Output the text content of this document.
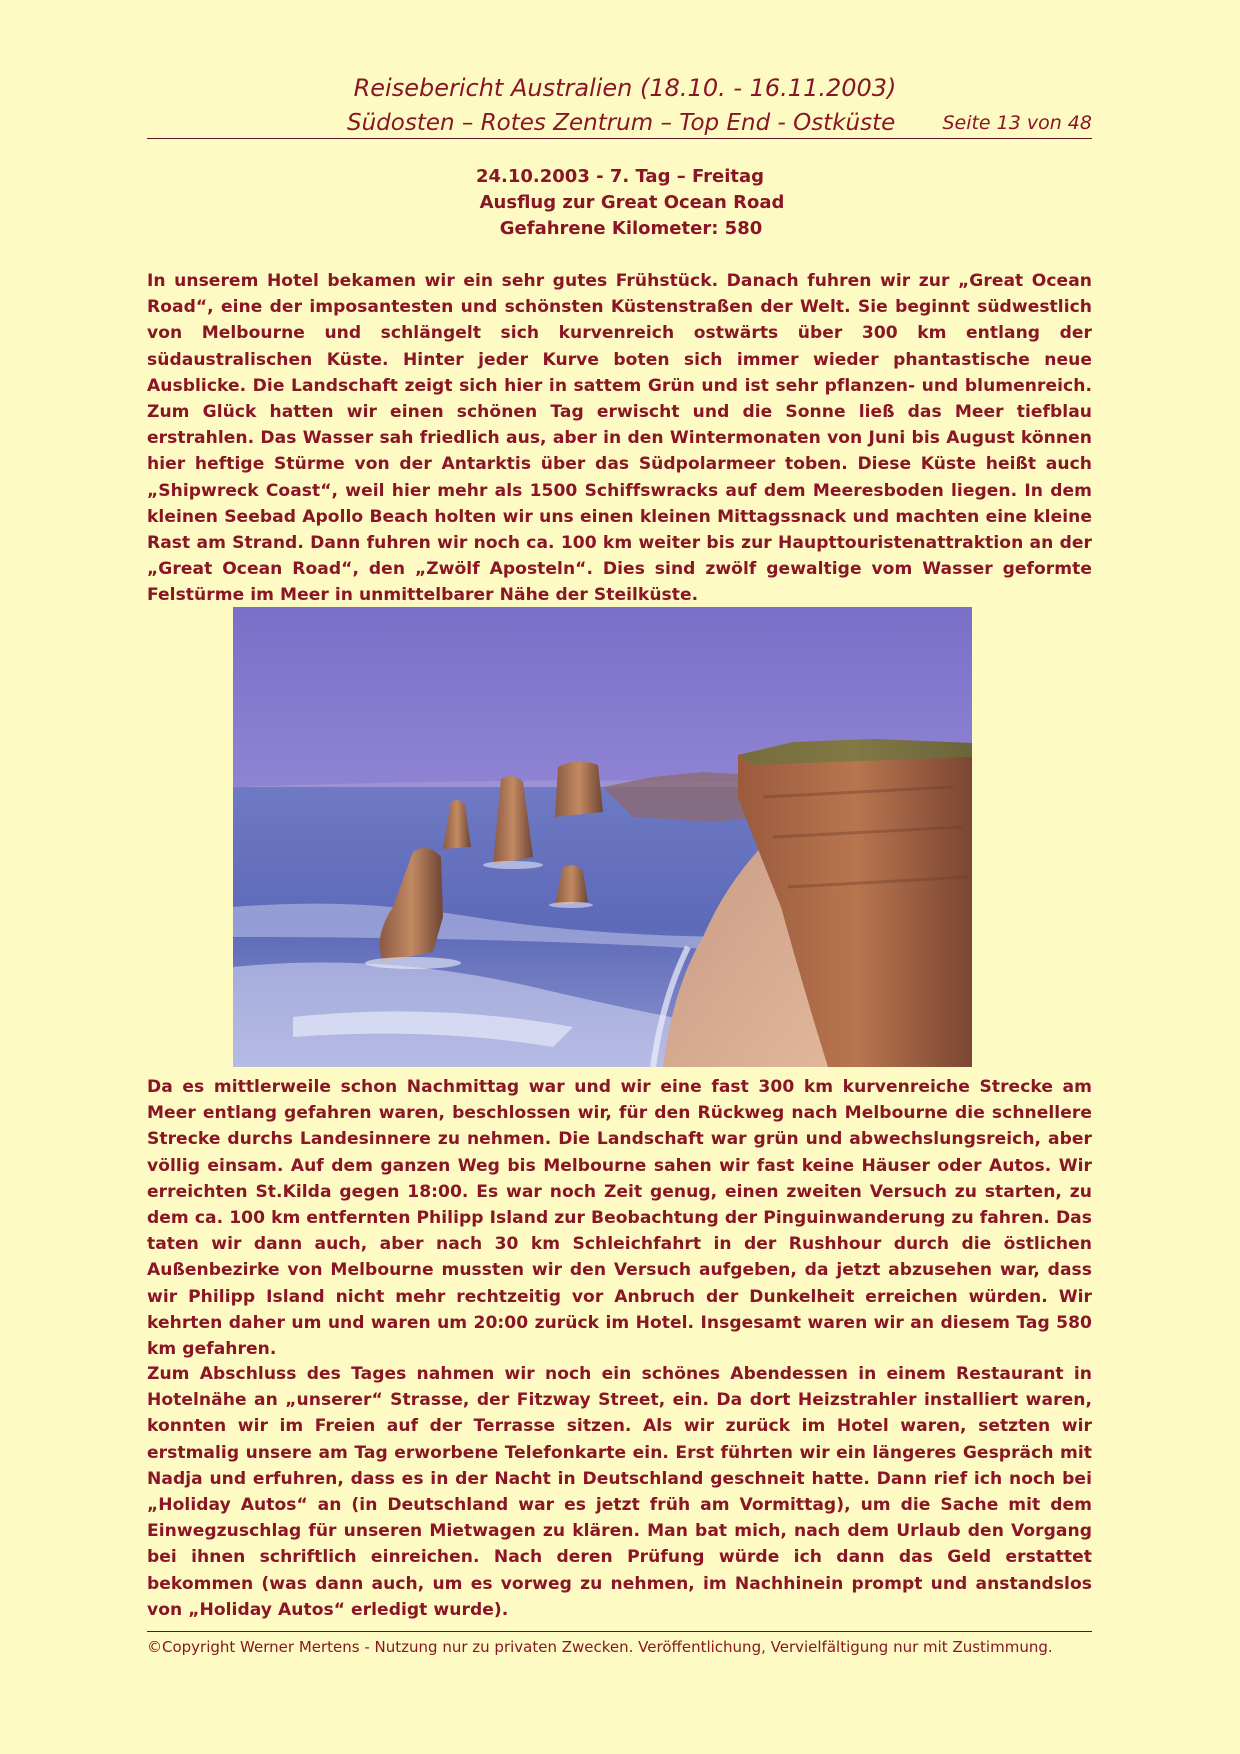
Reisebericht Australien (18.10. - 16.11.2003)
Südosten – Rotes Zentrum – Top End - Ostküste Seite 13 von 48
24.10.2003 - 7. Tag – Freitag
Ausflug zur Great Ocean Road
Gefahrene Kilometer: 580

In unserem Hotel bekamen wir ein sehr gutes Frühstück. Danach fuhren wir zur „Great Ocean Road“, eine der imposantesten und schönsten Küstenstraßen der Welt. Sie beginnt südwestlich von Melbourne und schlängelt sich kurvenreich ostwärts über 300 km entlang der südaustralischen Küste. Hinter jeder Kurve boten sich immer wieder phantastische neue Ausblicke. Die Landschaft zeigt sich hier in sattem Grün und ist sehr pflanzen- und blumenreich. Zum Glück hatten wir einen schönen Tag erwischt und die Sonne ließ das Meer tiefblau erstrahlen. Das Wasser sah friedlich aus, aber in den Wintermonaten von Juni bis August können hier heftige Stürme von der Antarktis über das Südpolarmeer toben. Diese Küste heißt auch „Shipwreck Coast“, weil hier mehr als 1500 Schiffswracks auf dem Meeresboden liegen. In dem kleinen Seebad Apollo Beach holten wir uns einen kleinen Mittagssnack und machten eine kleine Rast am Strand. Dann fuhren wir noch ca. 100 km weiter bis zur Haupttouristenattraktion an der „Great Ocean Road“, den „Zwölf Aposteln“. Dies sind zwölf gewaltige vom Wasser geformte Felstürme im Meer in unmittelbarer Nähe der Steilküste.

Da es mittlerweile schon Nachmittag war und wir eine fast 300 km kurvenreiche Strecke am Meer entlang gefahren waren, beschlossen wir, für den Rückweg nach Melbourne die schnellere Strecke durchs Landesinnere zu nehmen. Die Landschaft war grün und abwechslungsreich, aber völlig einsam. Auf dem ganzen Weg bis Melbourne sahen wir fast keine Häuser oder Autos. Wir erreichten St.Kilda gegen 18:00. Es war noch Zeit genug, einen zweiten Versuch zu starten, zu dem ca. 100 km entfernten Philipp Island zur Beobachtung der Pinguinwanderung zu fahren. Das taten wir dann auch, aber nach 30 km Schleichfahrt in der Rushhour durch die östlichen Außenbezirke von Melbourne mussten wir den Versuch aufgeben, da jetzt abzusehen war, dass wir Philipp Island nicht mehr rechtzeitig vor Anbruch der Dunkelheit erreichen würden. Wir kehrten daher um und waren um 20:00 zurück im Hotel. Insgesamt waren wir an diesem Tag 580 km gefahren.

Zum Abschluss des Tages nahmen wir noch ein schönes Abendessen in einem Restaurant in Hotelnähe an „unserer“ Strasse, der Fitzway Street, ein. Da dort Heizstrahler installiert waren, konnten wir im Freien auf der Terrasse sitzen. Als wir zurück im Hotel waren, setzten wir erstmalig unsere am Tag erworbene Telefonkarte ein. Erst führten wir ein längeres Gespräch mit Nadja und erfuhren, dass es in der Nacht in Deutschland geschneit hatte. Dann rief ich noch bei „Holiday Autos“ an (in Deutschland war es jetzt früh am Vormittag), um die Sache mit dem Einwegzuschlag für unseren Mietwagen zu klären. Man bat mich, nach dem Urlaub den Vorgang bei ihnen schriftlich einreichen. Nach deren Prüfung würde ich dann das Geld erstattet bekommen (was dann auch, um es vorweg zu nehmen, im Nachhinein prompt und anstandslos von „Holiday Autos“ erledigt wurde).

©Copyright Werner Mertens - Nutzung nur zu privaten Zwecken. Veröffentlichung, Vervielfältigung nur mit Zustimmung.
